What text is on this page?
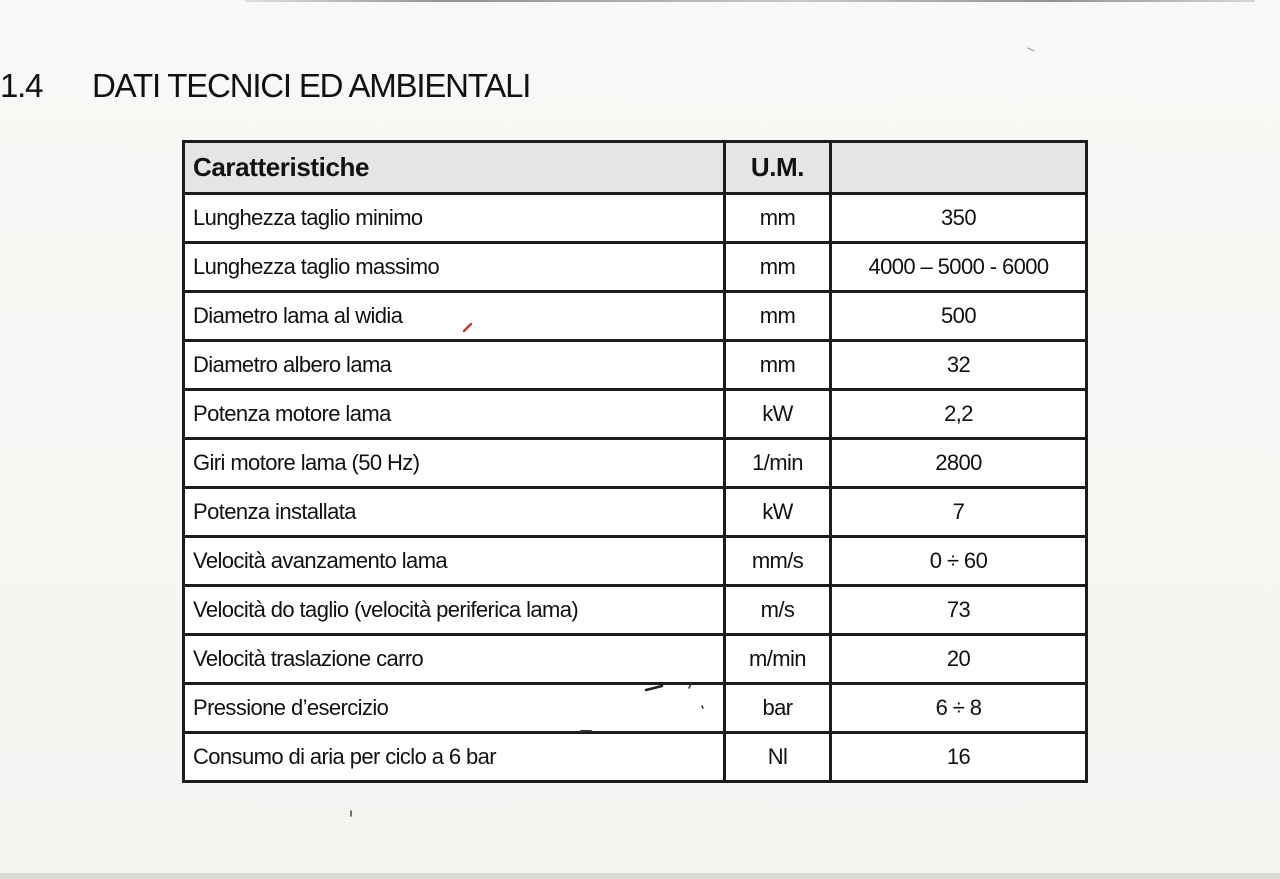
1.4	DATI TECNICI ED AMBIENTALI
Caratteristiche	U.M.	
Lunghezza taglio minimo	mm	350
Lunghezza taglio massimo	mm	4000 – 5000 - 6000
Diametro lama al widia	mm	500
Diametro albero lama	mm	32
Potenza motore lama	kW	2,2
Giri motore lama (50 Hz)	1/min	2800
Potenza installata	kW	7
Velocità avanzamento lama	mm/s	0 ÷ 60
Velocità do taglio (velocità periferica lama)	m/s	73
Velocità traslazione carro	m/min	20
Pressione d’esercizio	bar	6 ÷ 8
Consumo di aria per ciclo a 6 bar	Nl	16
